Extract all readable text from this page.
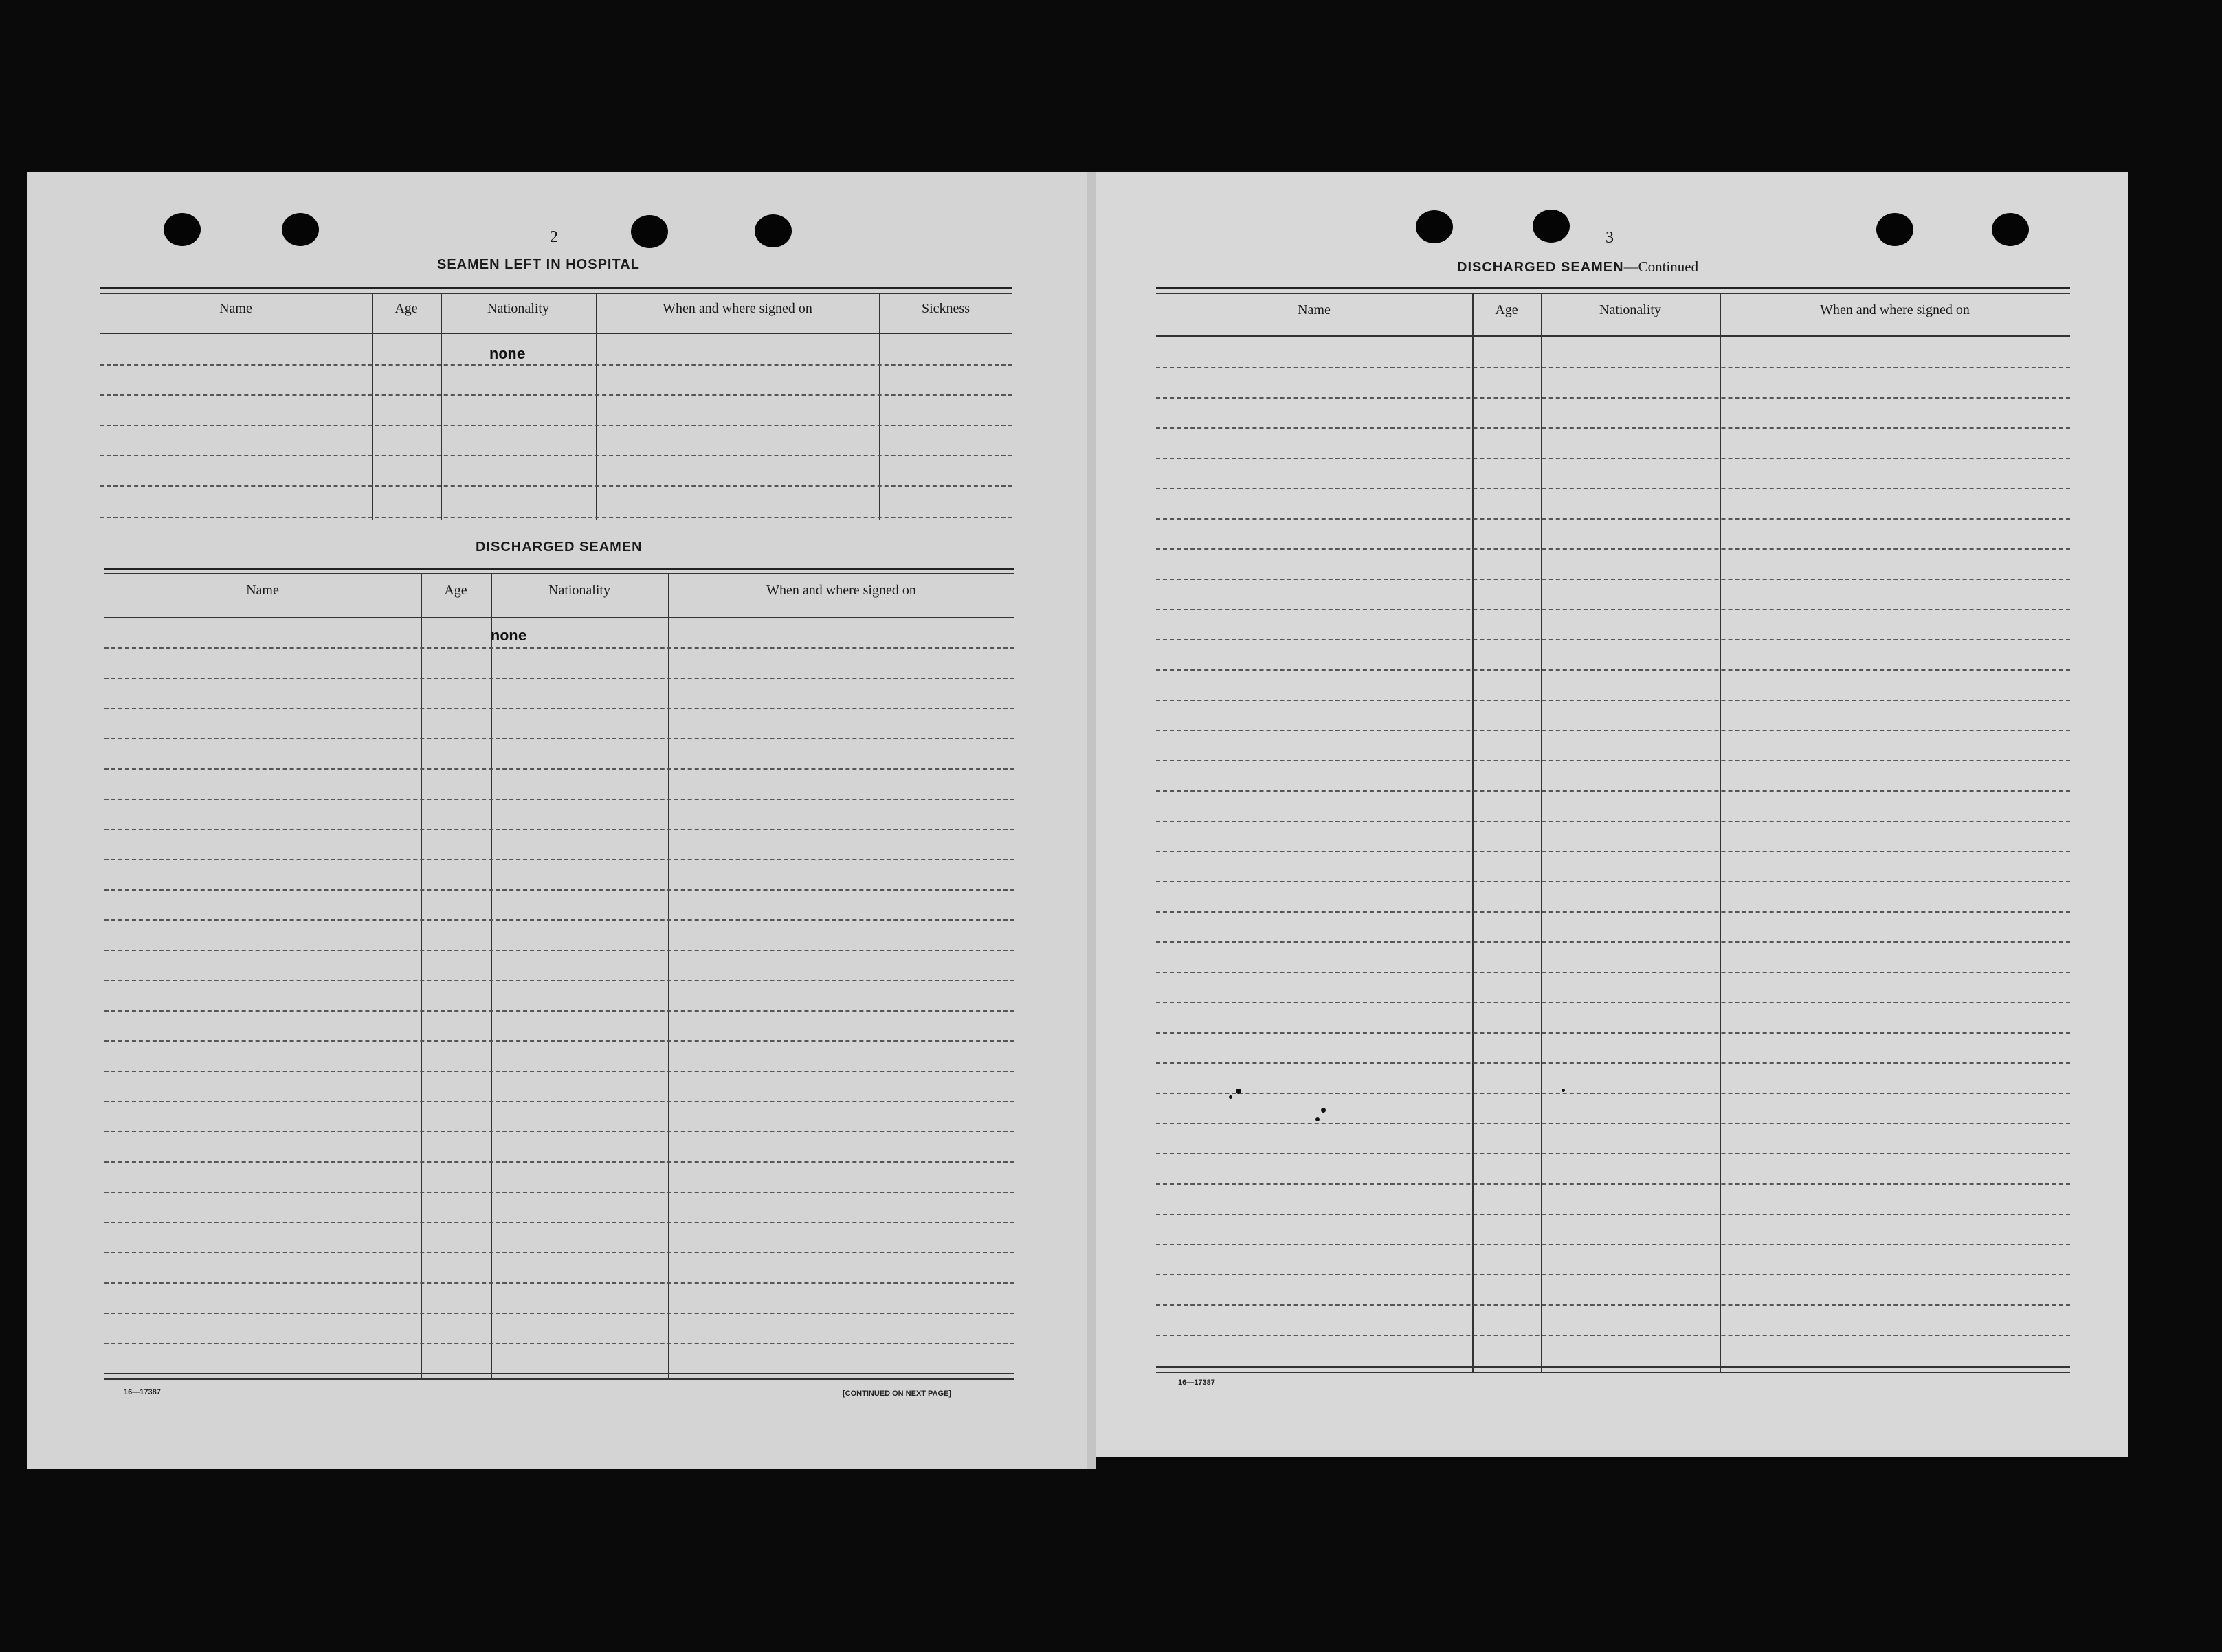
2
SEAMEN LEFT IN HOSPITAL
Name	Age	Nationality	When and where signed on	Sickness
none
DISCHARGED SEAMEN
Name	Age	Nationality	When and where signed on
none
16—17387	[CONTINUED ON NEXT PAGE]
3
DISCHARGED SEAMEN—Continued
Name	Age	Nationality	When and where signed on
16—17387
